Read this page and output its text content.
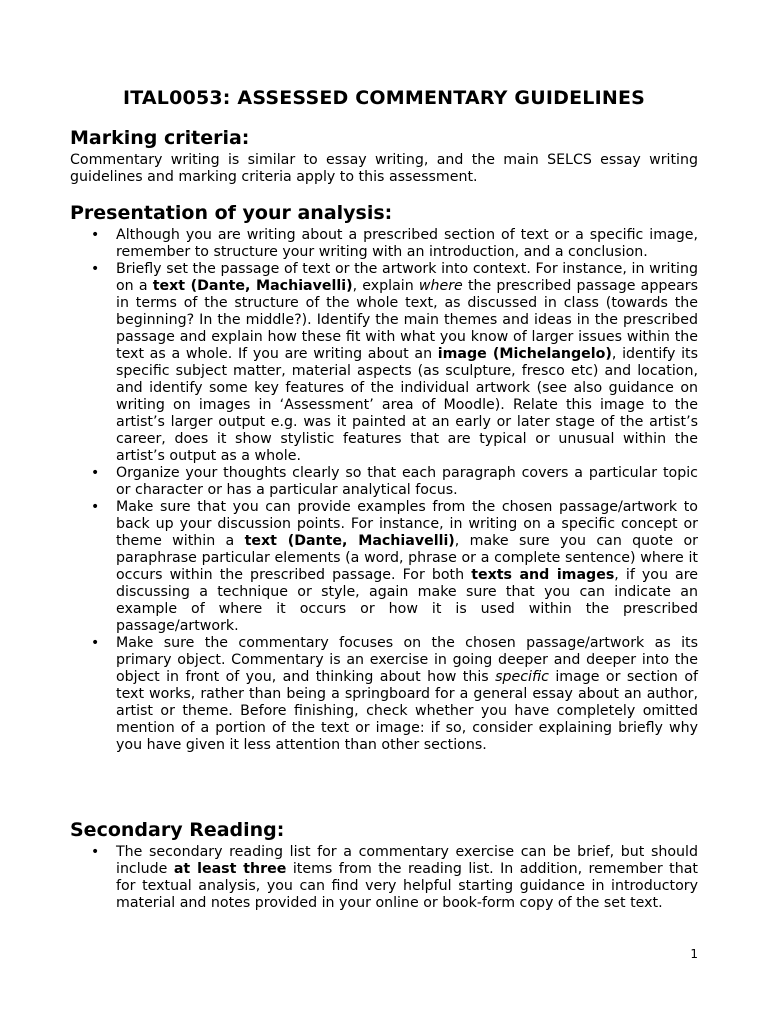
ITAL0053: ASSESSED COMMENTARY GUIDELINES
Marking criteria:

Commentary writing is similar to essay writing, and the main SELCS essay writing guidelines and marking criteria apply to this assessment.

Presentation of your analysis:
• Although you are writing about a prescribed section of text or a specific image, remember to structure your writing with an introduction, and a conclusion.
• Briefly set the passage of text or the artwork into context. For instance, in writing on a text (Dante, Machiavelli), explain where the prescribed passage appears in terms of the structure of the whole text, as discussed in class (towards the beginning? In the middle?). Identify the main themes and ideas in the prescribed passage and explain how these fit with what you know of larger issues within the text as a whole. If you are writing about an image (Michelangelo), identify its specific subject matter, material aspects (as sculpture, fresco etc) and location, and identify some key features of the individual artwork (see also guidance on writing on images in ‘Assessment’ area of Moodle). Relate this image to the artist’s larger output e.g. was it painted at an early or later stage of the artist’s career, does it show stylistic features that are typical or unusual within the artist’s output as a whole.
• Organize your thoughts clearly so that each paragraph covers a particular topic or character or has a particular analytical focus.
• Make sure that you can provide examples from the chosen passage/artwork to back up your discussion points. For instance, in writing on a specific concept or theme within a text (Dante, Machiavelli), make sure you can quote or paraphrase particular elements (a word, phrase or a complete sentence) where it occurs within the prescribed passage. For both texts and images, if you are discussing a technique or style, again make sure that you can indicate an example of where it occurs or how it is used within the prescribed passage/artwork.
• Make sure the commentary focuses on the chosen passage/artwork as its primary object. Commentary is an exercise in going deeper and deeper into the object in front of you, and thinking about how this specific image or section of text works, rather than being a springboard for a general essay about an author, artist or theme. Before finishing, check whether you have completely omitted mention of a portion of the text or image: if so, consider explaining briefly why you have given it less attention than other sections.
Secondary Reading:
• The secondary reading list for a commentary exercise can be brief, but should include at least three items from the reading list. In addition, remember that for textual analysis, you can find very helpful starting guidance in introductory material and notes provided in your online or book-form copy of the set text.
1
